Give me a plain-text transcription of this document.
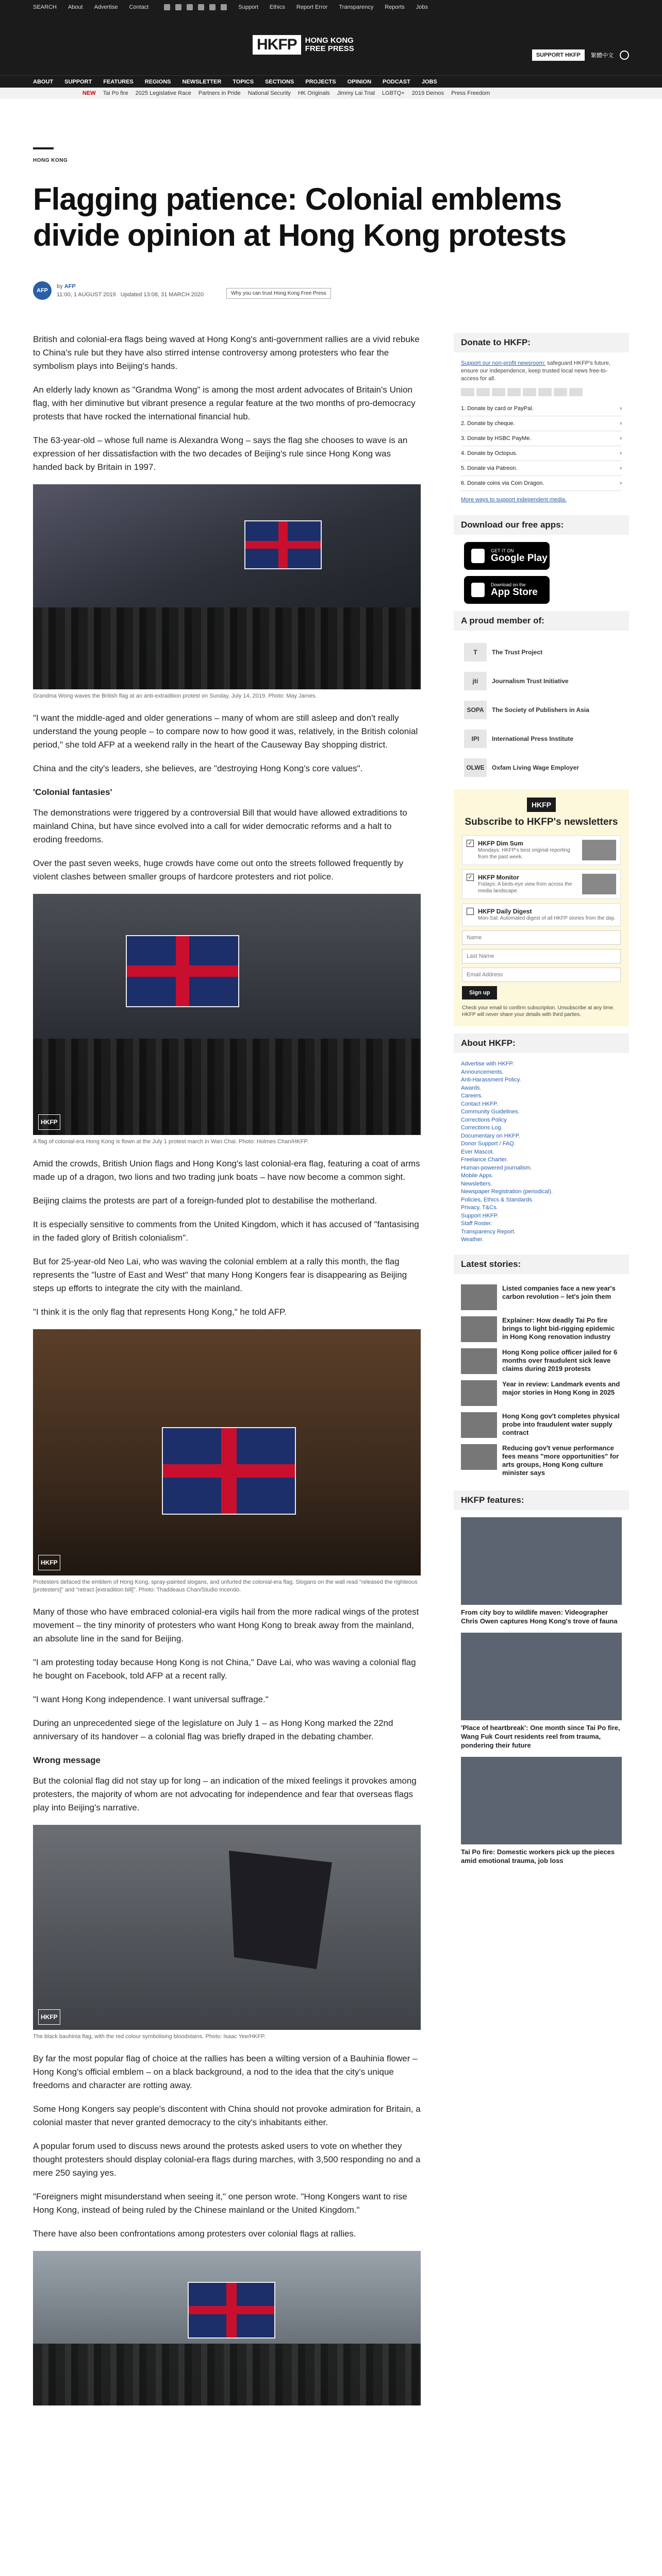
SEARCH About Advertise Contact	Support Ethics Report Error Transparency Reports Jobs
HKFP	HONG KONG
FREE PRESS
SUPPORT HKFP	繁體中文
ABOUT SUPPORT FEATURES REGIONS NEWSLETTER TOPICS SECTIONS PROJECTS OPINION PODCAST JOBS
NEW Tai Po fire 2025 Legislative Race Partners in Pride National Security HK Originals Jimmy Lai Trial LGBTQ+ 2019 Demos Press Freedom
HONG KONG
Flagging patience: Colonial emblems divide opinion at Hong Kong protests
AFP
by AFP
11:00, 1 AUGUST 2019 Updated 13:08, 31 MARCH 2020	Why you can trust Hong Kong Free Press

British and colonial-era flags being waved at Hong Kong's anti-government rallies are a vivid rebuke to China's rule but they have also stirred intense controversy among protesters who fear the symbolism plays into Beijing's hands.

An elderly lady known as "Grandma Wong" is among the most ardent advocates of Britain's Union flag, with her diminutive but vibrant presence a regular feature at the two months of pro-democracy protests that have rocked the international financial hub.

The 63-year-old – whose full name is Alexandra Wong – says the flag she chooses to wave is an expression of her dissatisfaction with the two decades of Beijing's rule since Hong Kong was handed back by Britain in 1997.

Grandma Wong waves the British flag at an anti-extradition protest on Sunday, July 14, 2019. Photo: May James.

"I want the middle-aged and older generations – many of whom are still asleep and don't really understand the young people – to compare now to how good it was, relatively, in the British colonial period," she told AFP at a weekend rally in the heart of the Causeway Bay shopping district.

China and the city's leaders, she believes, are "destroying Hong Kong's core values".

'Colonial fantasies'

The demonstrations were triggered by a controversial Bill that would have allowed extraditions to mainland China, but have since evolved into a call for wider democratic reforms and a halt to eroding freedoms.

Over the past seven weeks, huge crowds have come out onto the streets followed frequently by violent clashes between smaller groups of hardcore protesters and riot police.

HKFP
A flag of colonial-era Hong Kong is flown at the July 1 protest march in Wan Chai. Photo: Holmes Chan/HKFP.

Amid the crowds, British Union flags and Hong Kong's last colonial-era flag, featuring a coat of arms made up of a dragon, two lions and two trading junk boats – have now become a common sight.

Beijing claims the protests are part of a foreign-funded plot to destabilise the motherland.

It is especially sensitive to comments from the United Kingdom, which it has accused of "fantasising in the faded glory of British colonialism".

But for 25-year-old Neo Lai, who was waving the colonial emblem at a rally this month, the flag represents the "lustre of East and West" that many Hong Kongers fear is disappearing as Beijing steps up efforts to integrate the city with the mainland.

"I think it is the only flag that represents Hong Kong," he told AFP.

HKFP
Protesters defaced the emblem of Hong Kong, spray-painted slogans, and unfurled the colonial-era flag. Slogans on the wall read "released the righteous [protesters]" and "retract [extradition bill]". Photo: Thaddeaus Chan/Studio Incendo.

Many of those who have embraced colonial-era vigils hail from the more radical wings of the protest movement – the tiny minority of protesters who want Hong Kong to break away from the mainland, an absolute line in the sand for Beijing.

"I am protesting today because Hong Kong is not China," Dave Lai, who was waving a colonial flag he bought on Facebook, told AFP at a recent rally.

"I want Hong Kong independence. I want universal suffrage."

During an unprecedented siege of the legislature on July 1 – as Hong Kong marked the 22nd anniversary of its handover – a colonial flag was briefly draped in the debating chamber.

Wrong message

But the colonial flag did not stay up for long – an indication of the mixed feelings it provokes among protesters, the majority of whom are not advocating for independence and fear that overseas flags play into Beijing's narrative.

HKFP
The black bauhinia flag, with the red colour symbolising bloodstains. Photo: Isaac Yee/HKFP.

By far the most popular flag of choice at the rallies has been a wilting version of a Bauhinia flower – Hong Kong's official emblem – on a black background, a nod to the idea that the city's unique freedoms and character are rotting away.

Some Hong Kongers say people's discontent with China should not provoke admiration for Britain, a colonial master that never granted democracy to the city's inhabitants either.

A popular forum used to discuss news around the protests asked users to vote on whether they thought protesters should display colonial-era flags during marches, with 3,500 responding no and a mere 250 saying yes.

"Foreigners might misunderstand when seeing it," one person wrote. "Hong Kongers want to rise Hong Kong, instead of being ruled by the Chinese mainland or the United Kingdom."

There have also been confrontations among protesters over colonial flags at rallies.

Donate to HKFP:
Support our non-profit newsroom: safeguard HKFP's future, ensure our independence, keep trusted local news free-to-access for all.
1. Donate by card or PayPal.	›
2. Donate by cheque.	›
3. Donate by HSBC PayMe.	›
4. Donate by Octopus.	›
5. Donate via Patreon.	›
6. Donate coins via Coin Dragon.	›
More ways to support independent media.
Download our free apps:
GET IT ON
Google Play
Download on the
App Store
A proud member of:
T	The Trust Project
jti	Journalism Trust Initiative
SOPA	The Society of Publishers in Asia
IPI	International Press Institute
OLWE	Oxfam Living Wage Employer
HKFP
Subscribe to HKFP's newsletters
✓ HKFP Dim Sum
Mondays: HKFP's best original reporting from the past week.
✓ HKFP Monitor
Fridays: A birds-eye view from across the media landscape.
HKFP Daily Digest
Mon-Sat: Automated digest of all HKFP stories from the day.
Name Last Name Email Address Sign up
Check your email to confirm subscription. Unsubscribe at any time. HKFP will never share your details with third parties.
About HKFP:
Advertise with HKFP.
Announcements.
Anti-Harassment Policy.
Awards.
Careers.
Contact HKFP.
Community Guidelines.
Corrections Policy.
Corrections Log.
Documentary on HKFP.
Donor Support / FAQ.
Ever Mascot.
Freelance Charter.
Human-powered journalism.
Mobile Apps.
Newsletters.
Newspaper Registration (periodical).
Policies, Ethics & Standards.
Privacy, T&Cs.
Support HKFP.
Staff Roster.
Transparency Report.
Weather.
Latest stories:
Listed companies face a new year's carbon revolution – let's join them
Explainer: How deadly Tai Po fire brings to light bid-rigging epidemic in Hong Kong renovation industry
Hong Kong police officer jailed for 6 months over fraudulent sick leave claims during 2019 protests
Year in review: Landmark events and major stories in Hong Kong in 2025
Hong Kong gov't completes physical probe into fraudulent water supply contract
Reducing gov't venue performance fees means "more opportunities" for arts groups, Hong Kong culture minister says
HKFP features:
From city boy to wildlife maven: Videographer Chris Owen captures Hong Kong's trove of fauna
'Place of heartbreak': One month since Tai Po fire, Wang Fuk Court residents reel from trauma, pondering their future
Tai Po fire: Domestic workers pick up the pieces amid emotional trauma, job loss
